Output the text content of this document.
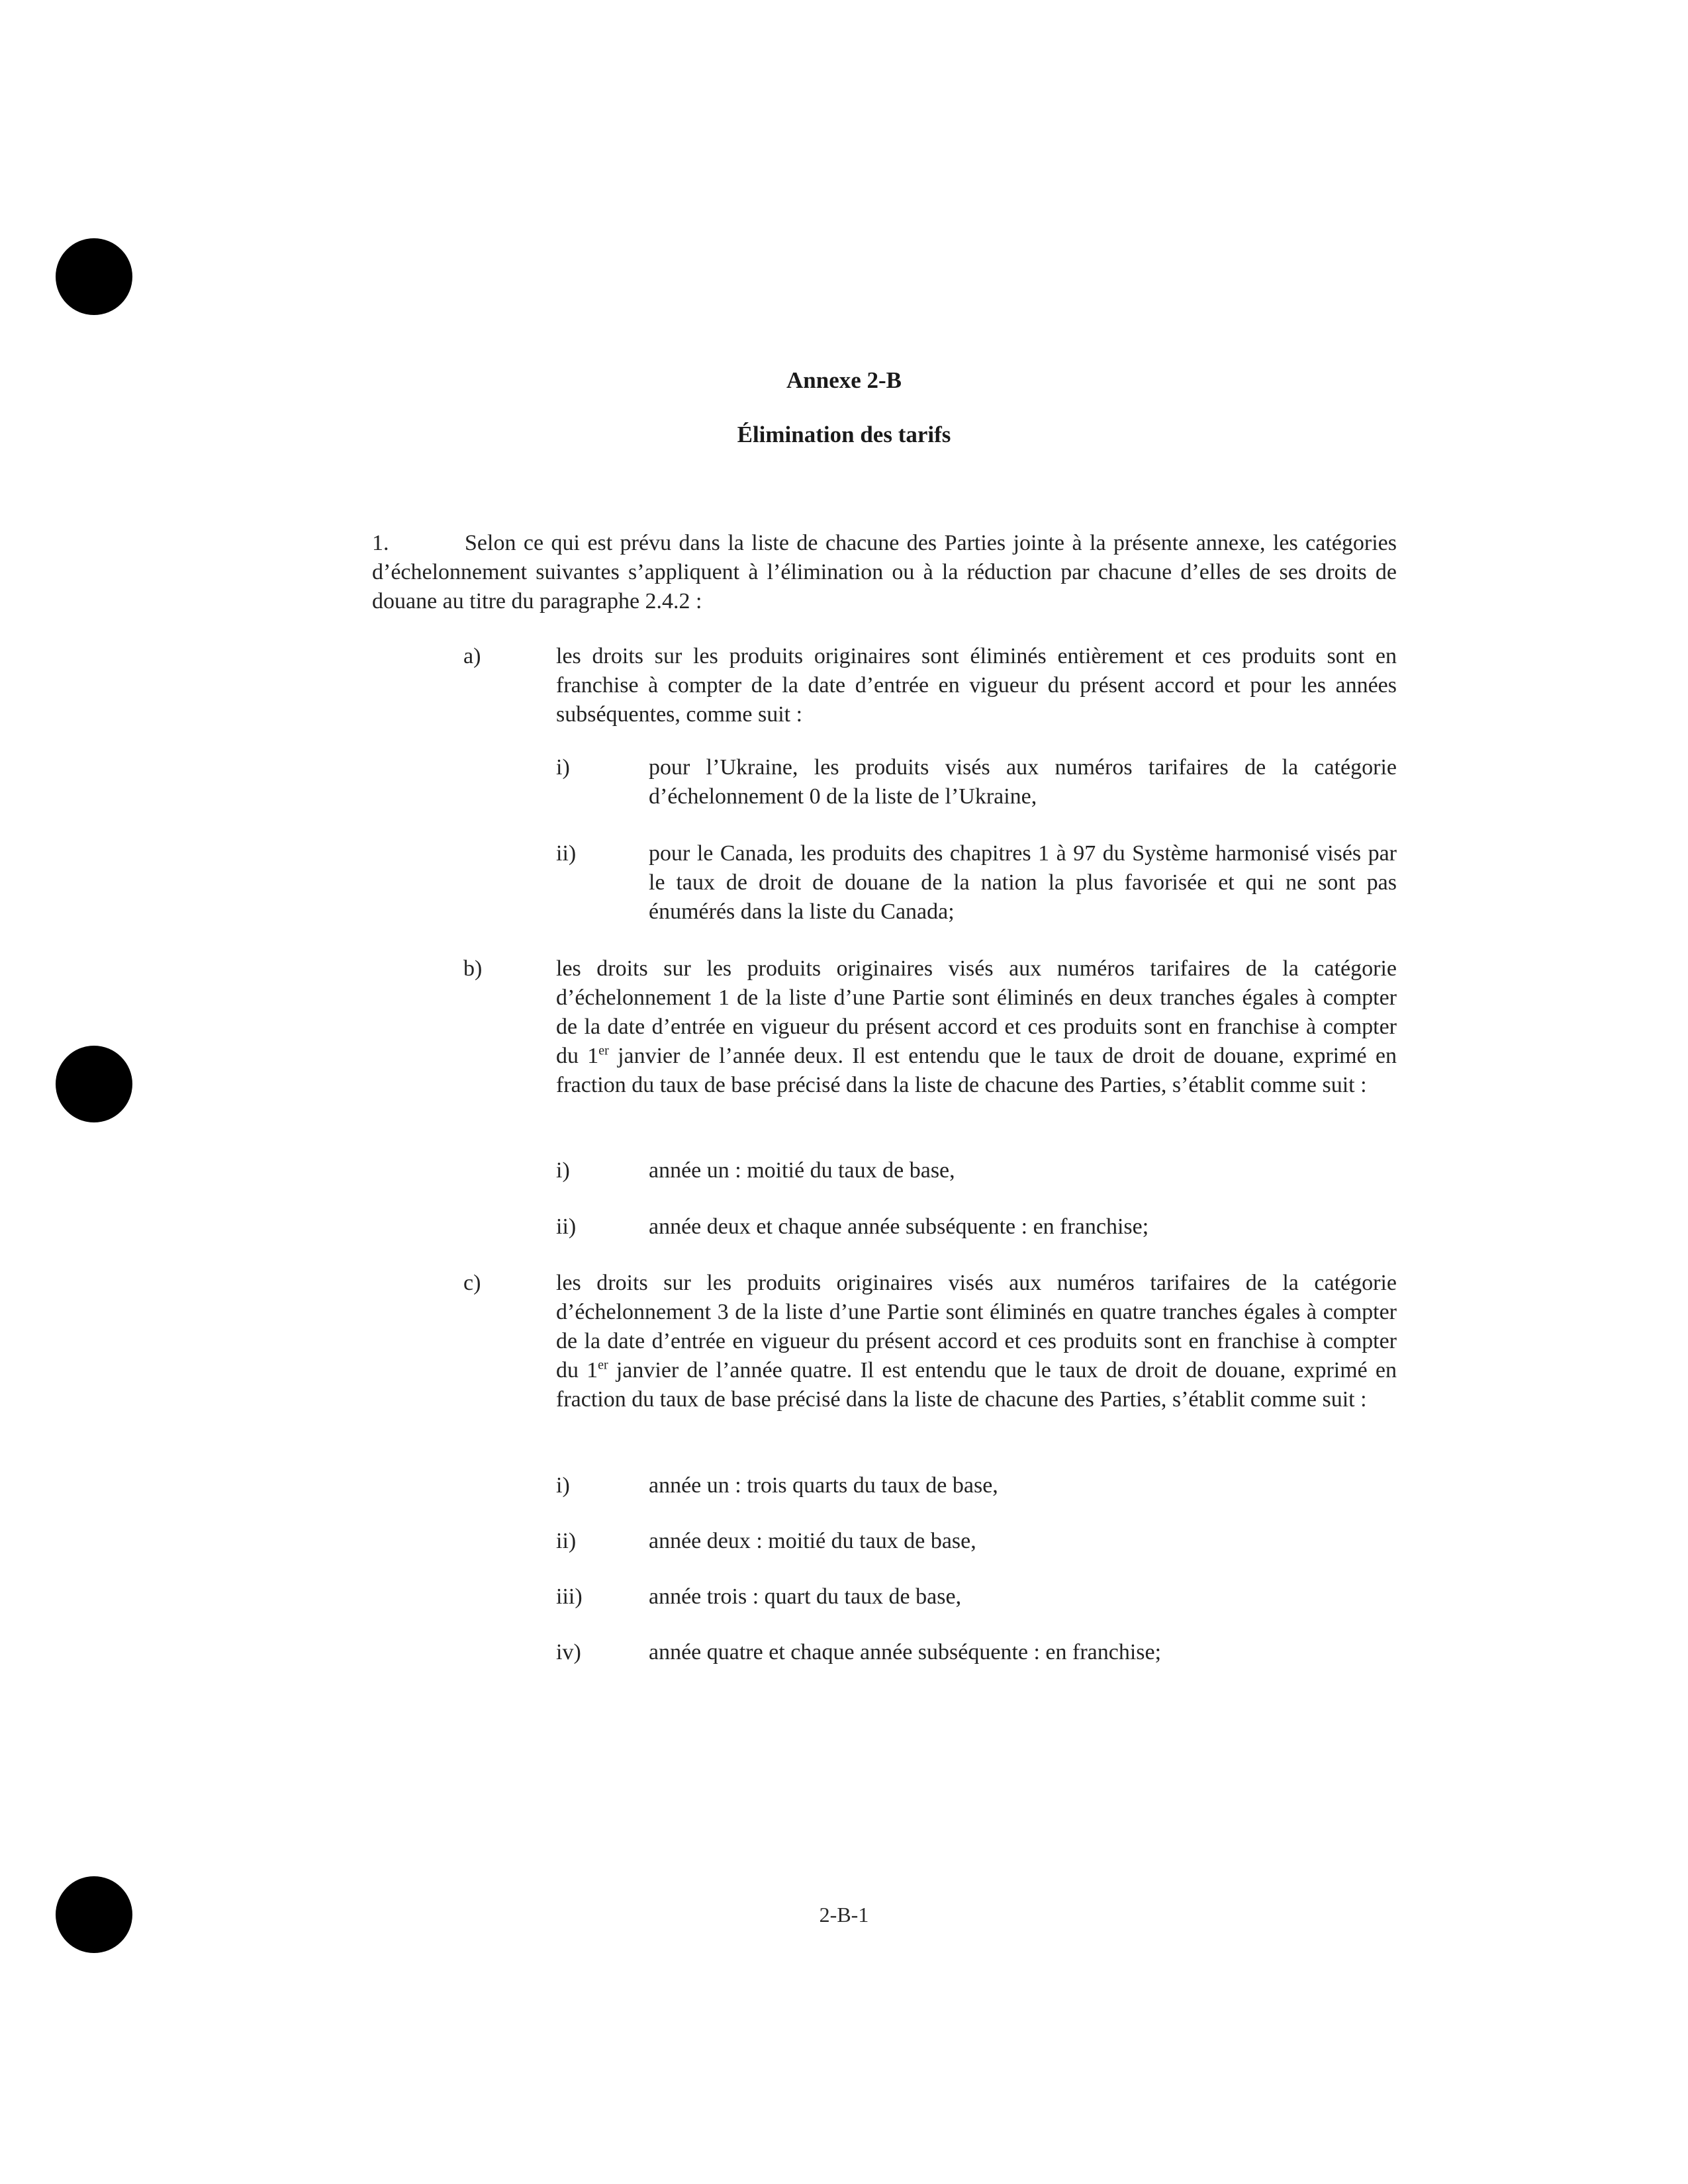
Annexe 2-B
Élimination des tarifs
1.	Selon ce qui est prévu dans la liste de chacune des Parties jointe à la présente annexe, les catégories d’échelonnement suivantes s’appliquent à l’élimination ou à la réduction par chacune d’elles de ses droits de douane au titre du paragraphe 2.4.2 :
a)	les droits sur les produits originaires sont éliminés entièrement et ces produits sont en franchise à compter de la date d’entrée en vigueur du présent accord et pour les années subséquentes, comme suit :
i)	pour l’Ukraine, les produits visés aux numéros tarifaires de la catégorie d’échelonnement 0 de la liste de l’Ukraine,
ii)	pour le Canada, les produits des chapitres 1 à 97 du Système harmonisé visés par le taux de droit de douane de la nation la plus favorisée et qui ne sont pas énumérés dans la liste du Canada;
b)	les droits sur les produits originaires visés aux numéros tarifaires de la catégorie d’échelonnement 1 de la liste d’une Partie sont éliminés en deux tranches égales à compter de la date d’entrée en vigueur du présent accord et ces produits sont en franchise à compter du 1er janvier de l’année deux. Il est entendu que le taux de droit de douane, exprimé en fraction du taux de base précisé dans la liste de chacune des Parties, s’établit comme suit :
i)	année un : moitié du taux de base,
ii)	année deux et chaque année subséquente : en franchise;
c)	les droits sur les produits originaires visés aux numéros tarifaires de la catégorie d’échelonnement 3 de la liste d’une Partie sont éliminés en quatre tranches égales à compter de la date d’entrée en vigueur du présent accord et ces produits sont en franchise à compter du 1er janvier de l’année quatre. Il est entendu que le taux de droit de douane, exprimé en fraction du taux de base précisé dans la liste de chacune des Parties, s’établit comme suit :
i)	année un : trois quarts du taux de base,
ii)	année deux : moitié du taux de base,
iii)	année trois : quart du taux de base,
iv)	année quatre et chaque année subséquente : en franchise;
2-B-1
